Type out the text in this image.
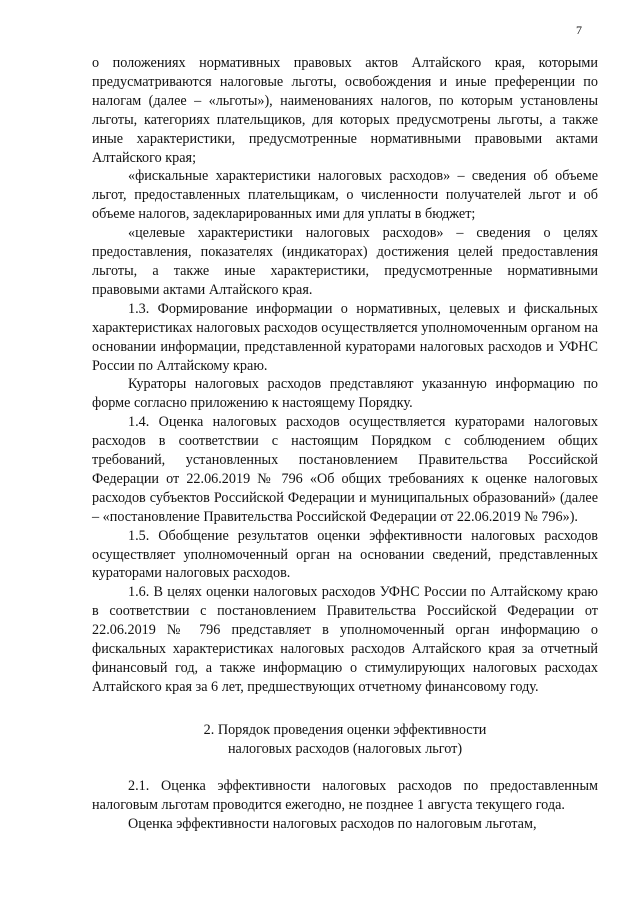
7

о положениях нормативных правовых актов Алтайского края, которыми предусматриваются налоговые льготы, освобождения и иные преференции по налогам (далее – «льготы»), наименованиях налогов, по которым установлены льготы, категориях плательщиков, для которых предусмотрены льготы, а также иные характеристики, предусмотренные нормативными правовыми актами Алтайского края;

«фискальные характеристики налоговых расходов» – сведения об объеме льгот, предоставленных плательщикам, о численности получателей льгот и об объеме налогов, задекларированных ими для уплаты в бюджет;

«целевые характеристики налоговых расходов» – сведения о целях предоставления, показателях (индикаторах) достижения целей предоставления льготы, а также иные характеристики, предусмотренные нормативными правовыми актами Алтайского края.

1.3. Формирование информации о нормативных, целевых и фискальных характеристиках налоговых расходов осуществляется уполномоченным органом на основании информации, представленной кураторами налоговых расходов и УФНС России по Алтайскому краю.

Кураторы налоговых расходов представляют указанную информацию по форме согласно приложению к настоящему Порядку.

1.4. Оценка налоговых расходов осуществляется кураторами налоговых расходов в соответствии с настоящим Порядком с соблюдением общих требований, установленных постановлением Правительства Российской Федерации от 22.06.2019 № 796 «Об общих требованиях к оценке налоговых расходов субъектов Российской Федерации и муниципальных образований» (далее – «постановление Правительства Российской Федерации от 22.06.2019 № 796»).

1.5. Обобщение результатов оценки эффективности налоговых расходов осуществляет уполномоченный орган на основании сведений, представленных кураторами налоговых расходов.

1.6. В целях оценки налоговых расходов УФНС России по Алтайскому краю в соответствии с постановлением Правительства Российской Федерации от 22.06.2019 № 796 представляет в уполномоченный орган информацию о фискальных характеристиках налоговых расходов Алтайского края за отчетный финансовый год, а также информацию о стимулирующих налоговых расходах Алтайского края за 6 лет, предшествующих отчетному финансовому году.

2. Порядок проведения оценки эффективности
налоговых расходов (налоговых льгот)

2.1. Оценка эффективности налоговых расходов по предоставленным налоговым льготам проводится ежегодно, не позднее 1 августа текущего года.

Оценка эффективности налоговых расходов по налоговым льготам,
